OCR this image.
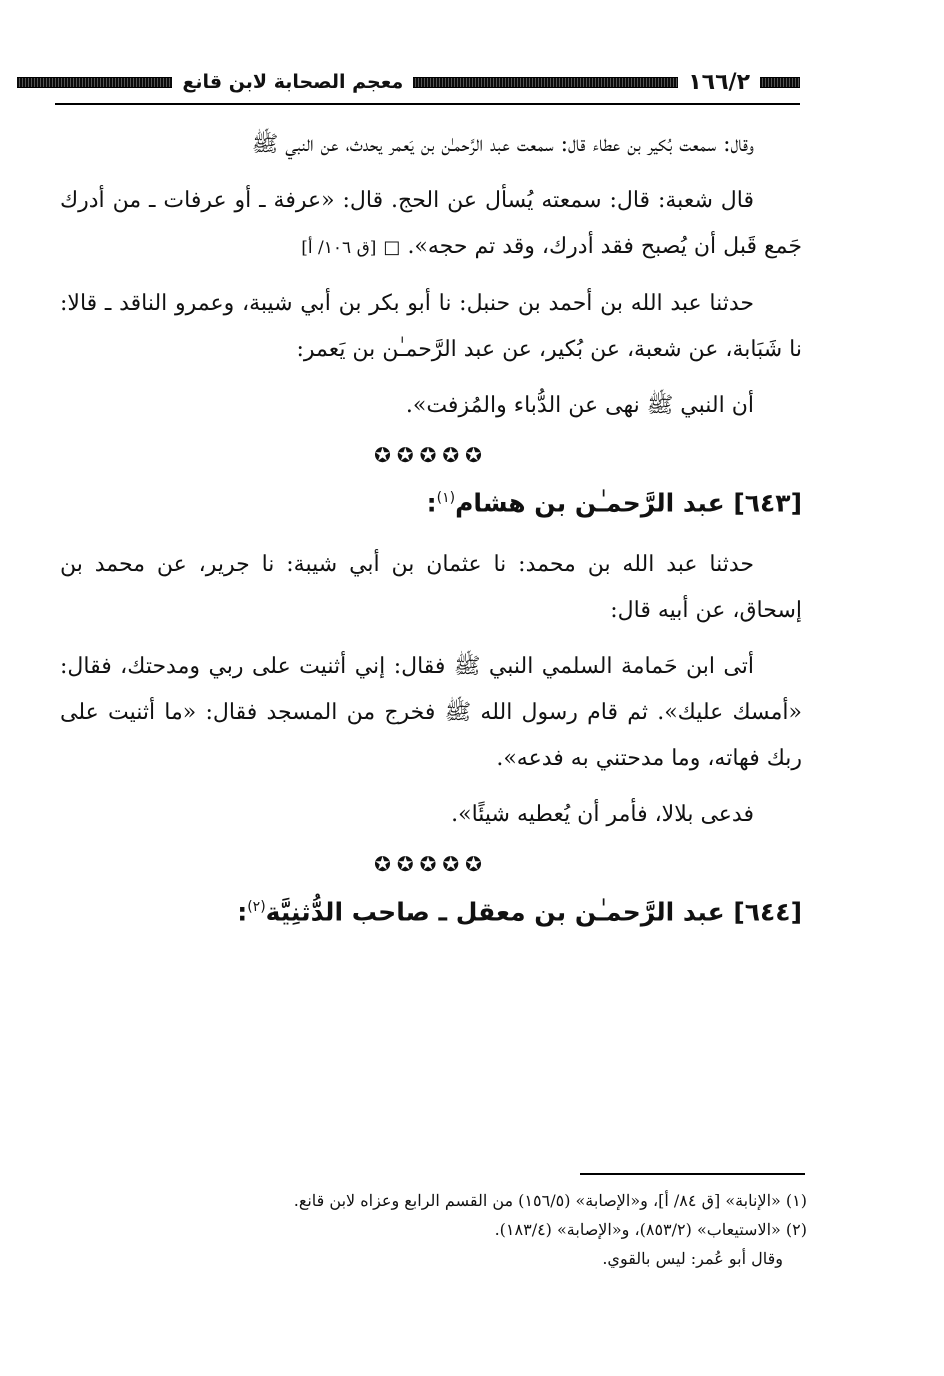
١٦٦/٢
معجم الصحابة لابن قانع

وقال: سمعت بُكير بن عطاء قال: سمعت عبد الرَّحمـٰن بن يَعمر يحدث، عن النبي ﷺ

قال شعبة: قال: سمعته يُسأل عن الحج. قال: «عرفة ـ أو عرفات ـ من أدرك جَمع قَبل أن يُصبح فقد أدرك، وقد تم حجه». □ [ق ١٠٦/ أ]

حدثنا عبد الله بن أحمد بن حنبل: نا أبو بكر بن أبي شيبة، وعمرو الناقد ـ قالا: نا شَبَابة، عن شعبة، عن بُكير، عن عبد الرَّحمـٰن بن يَعمر:

أن النبي ﷺ نهى عن الدُّباء والمُزفت».

✪✪✪✪✪
[٦٤٣] عبد الرَّحمـٰن بن هشام$^{(١)}$:

حدثنا عبد الله بن محمد: نا عثمان بن أبي شيبة: نا جرير، عن محمد بن إسحاق، عن أبيه قال:

أتى ابن حَمامة السلمي النبي ﷺ فقال: إني أثنيت على ربي ومدحتك، فقال: «أمسك عليك». ثم قام رسول الله ﷺ فخرج من المسجد فقال: «ما أثنيت على ربك فهاته، وما مدحتني به فدعه».

فدعى بلالا، فأمر أن يُعطيه شيئًا».

✪✪✪✪✪
[٦٤٤] عبد الرَّحمـٰن بن معقل ـ صاحب الدُّثنِيَّة$^{(٢)}$:

(١) «الإنابة» [ق ٨٤/ أ]، و«الإصابة» (١٥٦/٥) من القسم الرابع وعزاه لابن قانع.

(٢) «الاستيعاب» (٨٥٣/٢)، و«الإصابة» (١٨٣/٤).

وقال أبو عُمر: ليس بالقوي.
